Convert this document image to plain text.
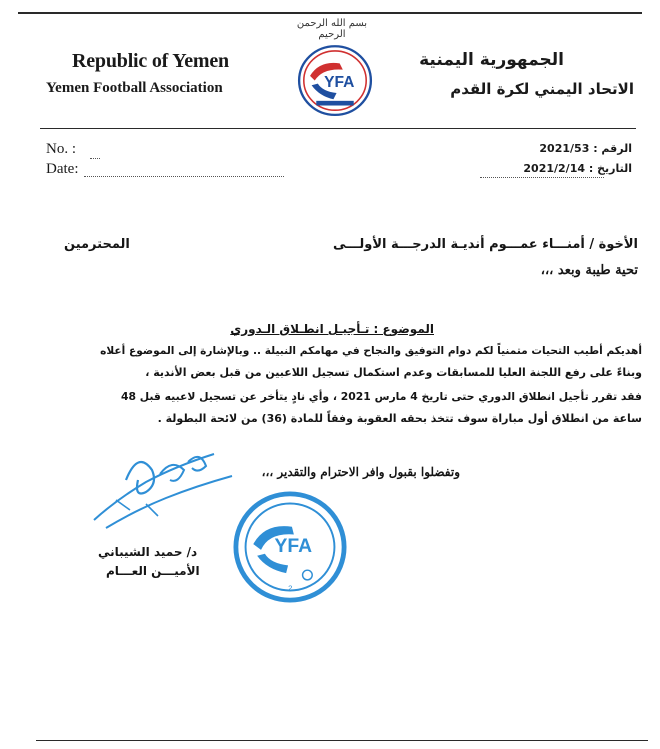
بسم الله الرحمن الرحيم
Republic of Yemen
Yemen Football Association
الجمهورية اليمنية
الاتحاد اليمني لكرة القدم
YFA
No. :
Date:
الرقم : 2021/53
التاريخ : 2021/2/14
الأخوة / أمنـــاء عمـــوم أنديـة الدرجـــة الأولـــى
المحترمين
تحية طيبة وبعد ،،،
الموضوع : تـأجيـل انطـلاق الـدوري
أهديكم أطيب التحيات متمنياً لكم دوام التوفيق والنجاح في مهامكم النبيلة .. وبالإشارة إلى الموضوع أعلاه
وبناءً على رفع اللجنة العليا للمسابقات وعدم استكمال تسجيل اللاعبين من قبل بعض الأندية ،
فقد تقرر تأجيل انطلاق الدوري حتى تاريخ 4 مارس 2021 ، وأي نادٍ يتأخر عن تسجيل لاعبيه قبل 48
ساعة من انطلاق أول مباراة سوف تتخذ بحقه العقوبة وفقاً للمادة (36) من لائحة البطولة .
وتفضلوا بقبول وافر الاحترام والتقدير ،،،
د/ حميد الشيباني
الأميـــن العـــام
YFA
2
